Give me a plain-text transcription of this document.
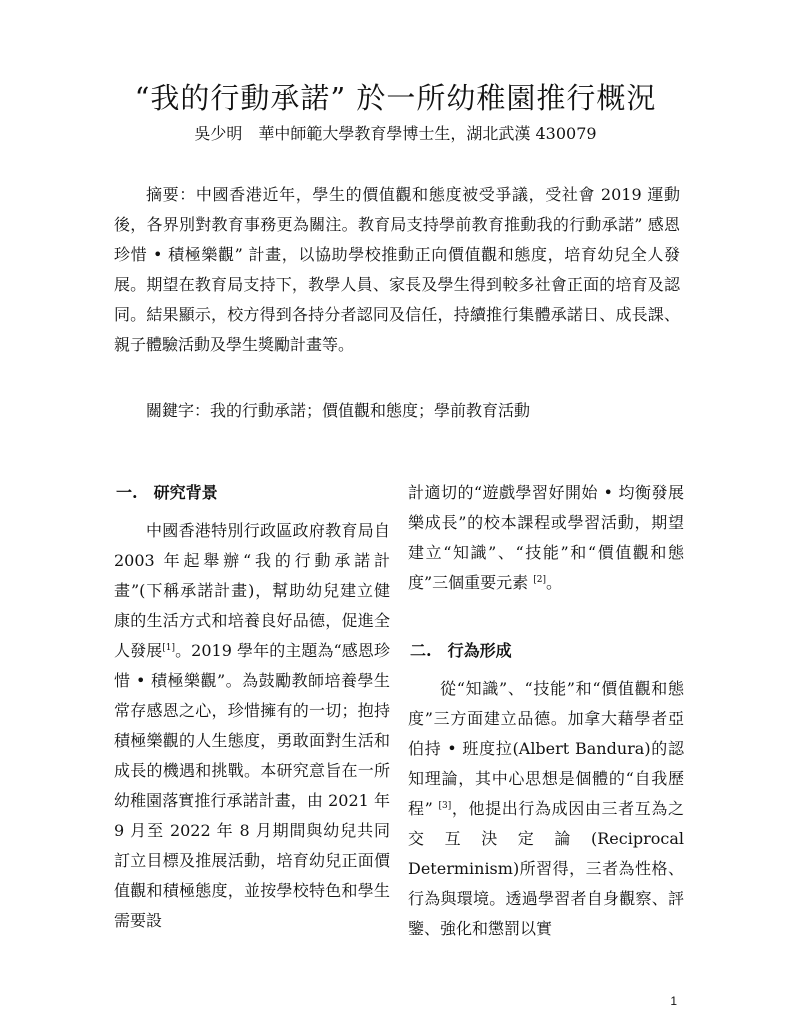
“我的行動承諾” 於一所幼稚園推行概況
吳少明　華中師範大學教育學博士生，湖北武漢 430079

摘要：中國香港近年，學生的價值觀和態度被受爭議，受社會 2019 運動後，各界別對教育事務更為關注。教育局支持學前教育推動我的行動承諾” 感恩珍惜 • 積極樂觀” 計畫，以協助學校推動正向價值觀和態度，培育幼兒全人發展。期望在教育局支持下，教學人員、家長及學生得到較多社會正面的培育及認同。結果顯示，校方得到各持分者認同及信任，持續推行集體承諾日、成長課、親子體驗活動及學生獎勵計畫等。

關鍵字：我的行動承諾；價值觀和態度；學前教育活動

一.　研究背景

中國香港特別行政區政府教育局自 2003 年起舉辦“我的行動承諾計畫”(下稱承諾計畫)，幫助幼兒建立健康的生活方式和培養良好品德，促進全人發展[1]。2019 學年的主題為“感恩珍惜 • 積極樂觀”。為鼓勵教師培養學生常存感恩之心，珍惜擁有的一切；抱持積極樂觀的人生態度，勇敢面對生活和成長的機遇和挑戰。本研究意旨在一所幼稚園落實推行承諾計畫，由 2021 年 9 月至 2022 年 8 月期間與幼兒共同訂立目標及推展活動，培育幼兒正面價值觀和積極態度，並按學校特色和學生需要設

計適切的“遊戲學習好開始 • 均衡發展樂成長”的校本課程或學習活動，期望建立“知識”、“技能”和“價值觀和態度”三個重要元素 [2]。

二.　行為形成

從“知識”、“技能”和“價值觀和態度”三方面建立品德。加拿大藉學者亞伯持 • 班度拉(Albert Bandura)的認知理論，其中心思想是個體的“自我歷程” [3]，他提出行為成因由三者互為之交互決定論(Reciprocal Determinism)所習得，三者為性格、行為與環境。透過學習者自身觀察、評鑒、強化和懲罰以實

1
